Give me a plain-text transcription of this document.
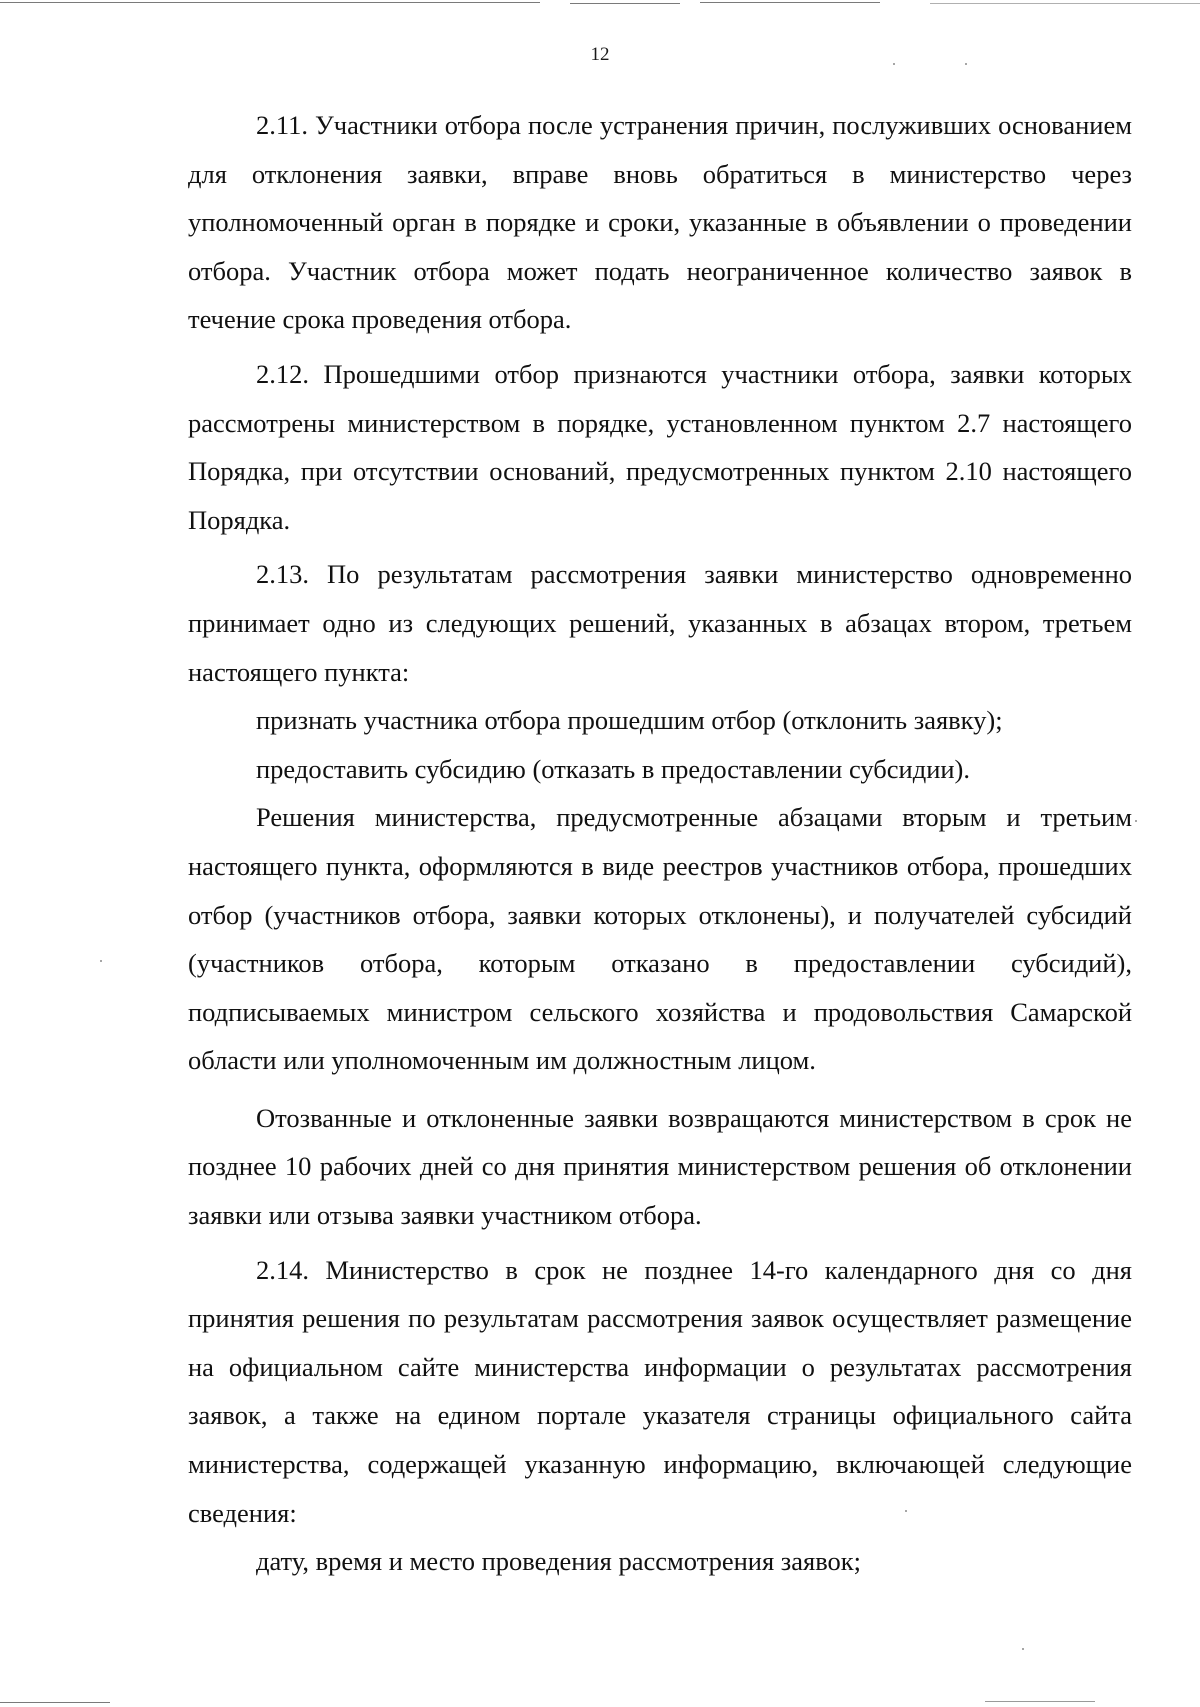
12

2.11. Участники отбора после устранения причин, послуживших основанием для отклонения заявки, вправе вновь обратиться в министерство через уполномоченный орган в порядке и сроки, указанные в объявлении о проведении отбора. Участник отбора может подать неограниченное количество заявок в течение срока проведения отбора.

2.12. Прошедшими отбор признаются участники отбора, заявки которых рассмотрены министерством в порядке, установленном пунктом 2.7 настоящего Порядка, при отсутствии оснований, предусмотренных пунктом 2.10 настоящего Порядка.

2.13. По результатам рассмотрения заявки министерство одновременно принимает одно из следующих решений, указанных в абзацах втором, третьем настоящего пункта:

признать участника отбора прошедшим отбор (отклонить заявку);

предоставить субсидию (отказать в предоставлении субсидии).

Решения министерства, предусмотренные абзацами вторым и третьим настоящего пункта, оформляются в виде реестров участников отбора, прошедших отбор (участников отбора, заявки которых отклонены), и получателей субсидий (участников отбора, которым отказано в предоставлении субсидий), подписываемых министром сельского хозяйства и продовольствия Самарской области или уполномоченным им должностным лицом.

Отозванные и отклоненные заявки возвращаются министерством в срок не позднее 10 рабочих дней со дня принятия министерством решения об отклонении заявки или отзыва заявки участником отбора.

2.14. Министерство в срок не позднее 14-го календарного дня со дня принятия решения по результатам рассмотрения заявок осуществляет размещение на официальном сайте министерства информации о результатах рассмотрения заявок, а также на едином портале указателя страницы официального сайта министерства, содержащей указанную информацию, включающей следующие сведения:

дату, время и место проведения рассмотрения заявок;
